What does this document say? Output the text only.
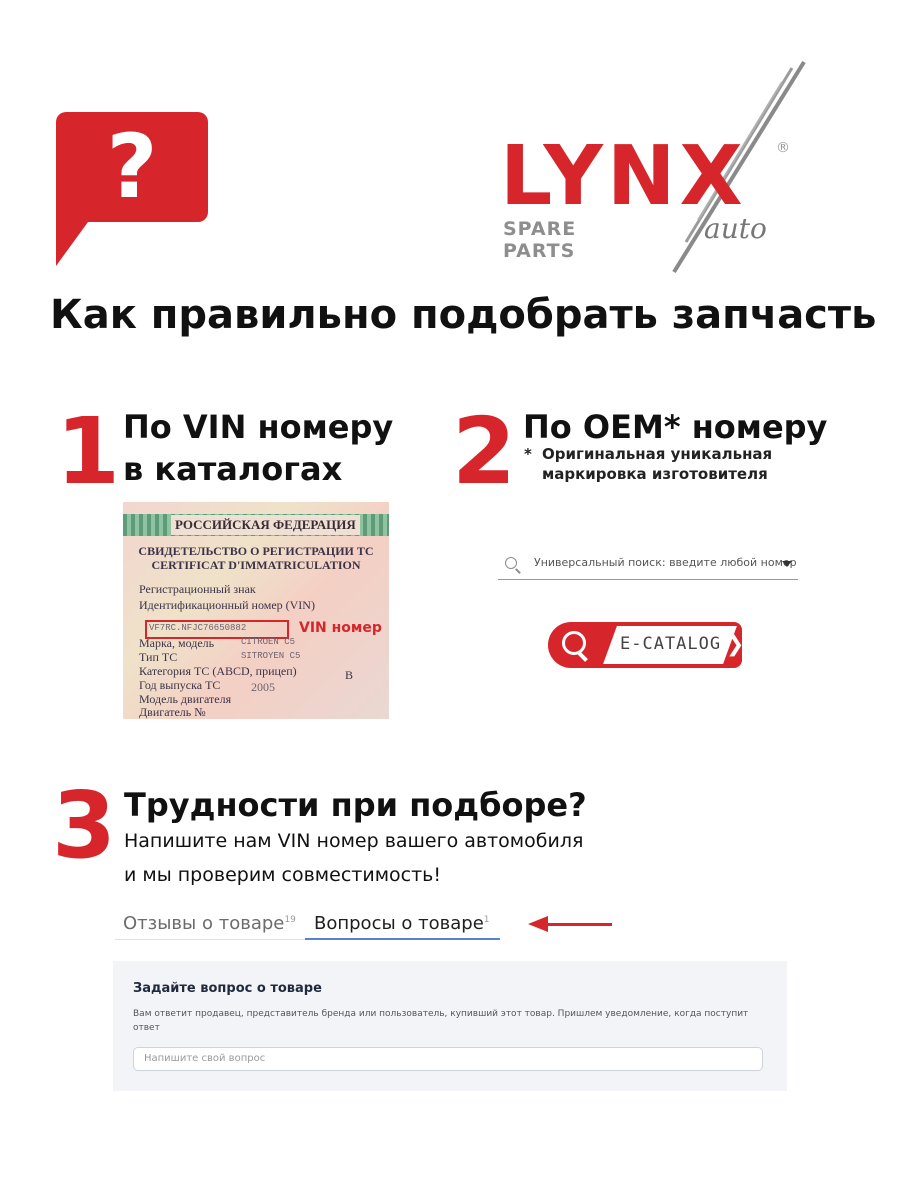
?	LYNX
SPARE PARTS
auto
®
Как правильно подобрать запчасть
1 По VIN номеру
в каталогах
РОССИЙСКАЯ ФЕДЕРАЦИЯ
СВИДЕТЕЛЬСТВО О РЕГИСТРАЦИИ ТС
CERTIFICAT D'IMMATRICULATION
Регистрационный знак
Идентификационный номер (VIN)
VF7RC.NFJC76650882	VIN номер
Марка, модель	CITROEN C5
Тип ТС	SITROYEN C5
Категория ТС (ABCD, прицеп)	B
Год выпуска ТС	2005
Модель двигателя
Двигатель №
2 По OEM* номеру
* Оригинальная уникальная
маркировка изготовителя
Универсальный поиск: введите любой номер
E-CATALOG ❯
3 Трудности при подборе?
Напишите нам VIN номер вашего автомобиля
и мы проверим совместимость!
Отзывы о товаре$^{19}$ Вопросы о товаре$^1$
Задайте вопрос о товаре
Вам ответит продавец, представитель бренда или пользователь, купивший этот товар. Пришлем уведомление, когда поступит ответ
Напишите свой вопрос
